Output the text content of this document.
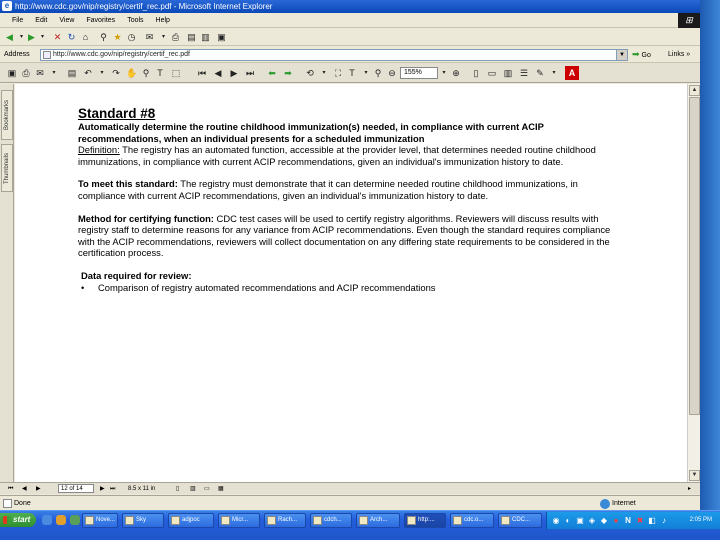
e http://www.cdc.gov/nip/registry/certif_rec.pdf - Microsoft Internet Explorer
File Edit View Favorites Tools Help	⊞
◀	▾ ▶	▾	✕ ↻ ⌂	⚲ ★ ◷ ✉	▾ ⎙ ▤ ▥ ▣
Address	http://www.cdc.gov/nip/registry/certif_rec.pdf	▼ ➡ Go	Links »
▣ ⎙ ✉	▾	▤ ↶	▾ ↷ ✋ ⚲ T ⬚ ⏮ ◀ ▶ ⏭ ⬅ ➡ ⟲	▾	⛶ T	▾ ⚲ ⊖	155%	▾ ⊕	▯	▭ ▥ ☰ ✎	▾	A
Bookmarks
Thumbnails
Standard #8
Automatically determine the routine childhood immunization(s) needed, in compliance with current ACIP recommendations, when an individual presents for a scheduled immunization
Definition: The registry has an automated function, accessible at the provider level, that determines needed routine childhood immunizations, in compliance with current ACIP recommendations, given an individual's immunization history to date.
To meet this standard: The registry must demonstrate that it can determine needed routine childhood immunizations, in compliance with current ACIP recommendations, given an individual's immunization history to date.
Method for certifying function: CDC test cases will be used to certify registry algorithms. Reviewers will discuss results with registry staff to determine reasons for any variance from ACIP recommendations. Even though the standard requires compliance with the ACIP recommendations, reviewers will collect documentation on any differing state requirements to be considered in the certification process.
Data required for review:
• Comparison of registry automated recommendations and ACIP recommendations
▲
▼
⏮ ◀ ▶	12 of 14	▶ ⏭ 8.5 x 11 in	▯ ▥ ▭ ▦	▸
Done	Internet
start	Nove...	Sky	adjpoc	Micr...	Rach...	cdch...	Arch...	http:...	cdc.o...	CDC...	◉ ◐ ▣ ◈ ◆ ● N ✖ ◧ ♪	2:05 PM
